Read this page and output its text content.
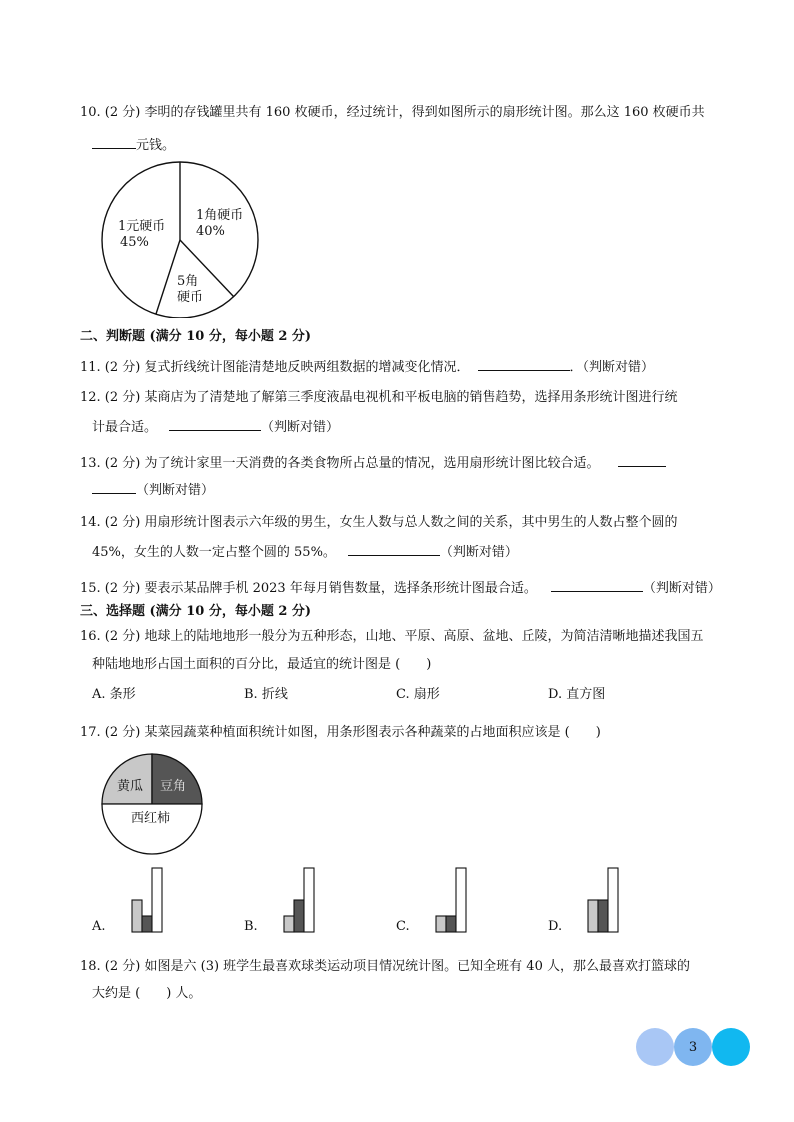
10. (2 分) 李明的存钱罐里共有 160 枚硬币，经过统计，得到如图所示的扇形统计图。那么这 160 枚硬币共
元钱。
1元硬币
45%
1角硬币
40%
5角
硬币
二、判断题 (满分 10 分，每小题 2 分)
11. (2 分) 复式折线统计图能清楚地反映两组数据的增减变化情况．	．（判断对错）
12. (2 分) 某商店为了清楚地了解第三季度液晶电视机和平板电脑的销售趋势，选择用条形统计图进行统
计最合适。	（判断对错）
13. (2 分) 为了统计家里一天消费的各类食物所占总量的情况，选用扇形统计图比较合适。
（判断对错）
14. (2 分) 用扇形统计图表示六年级的男生，女生人数与总人数之间的关系，其中男生的人数占整个圆的
45%，女生的人数一定占整个圆的 55%。	（判断对错）
15. (2 分) 要表示某品牌手机 2023 年每月销售数量，选择条形统计图最合适。	（判断对错）
三、选择题 (满分 10 分，每小题 2 分)
16. (2 分) 地球上的陆地地形一般分为五种形态，山地、平原、高原、盆地、丘陵，为简洁清晰地描述我国五
种陆地地形占国土面积的百分比，最适宜的统计图是 (　　)
A. 条形	B. 折线	C. 扇形	D. 直方图
17. (2 分) 某菜园蔬菜种植面积统计如图，用条形图表示各种蔬菜的占地面积应该是 (　　)
黄瓜 豆角
西红柿
A.	B.	C.	D.
18. (2 分) 如图是六 (3) 班学生最喜欢球类运动项目情况统计图。已知全班有 40 人，那么最喜欢打篮球的
大约是 (　　) 人。
3
